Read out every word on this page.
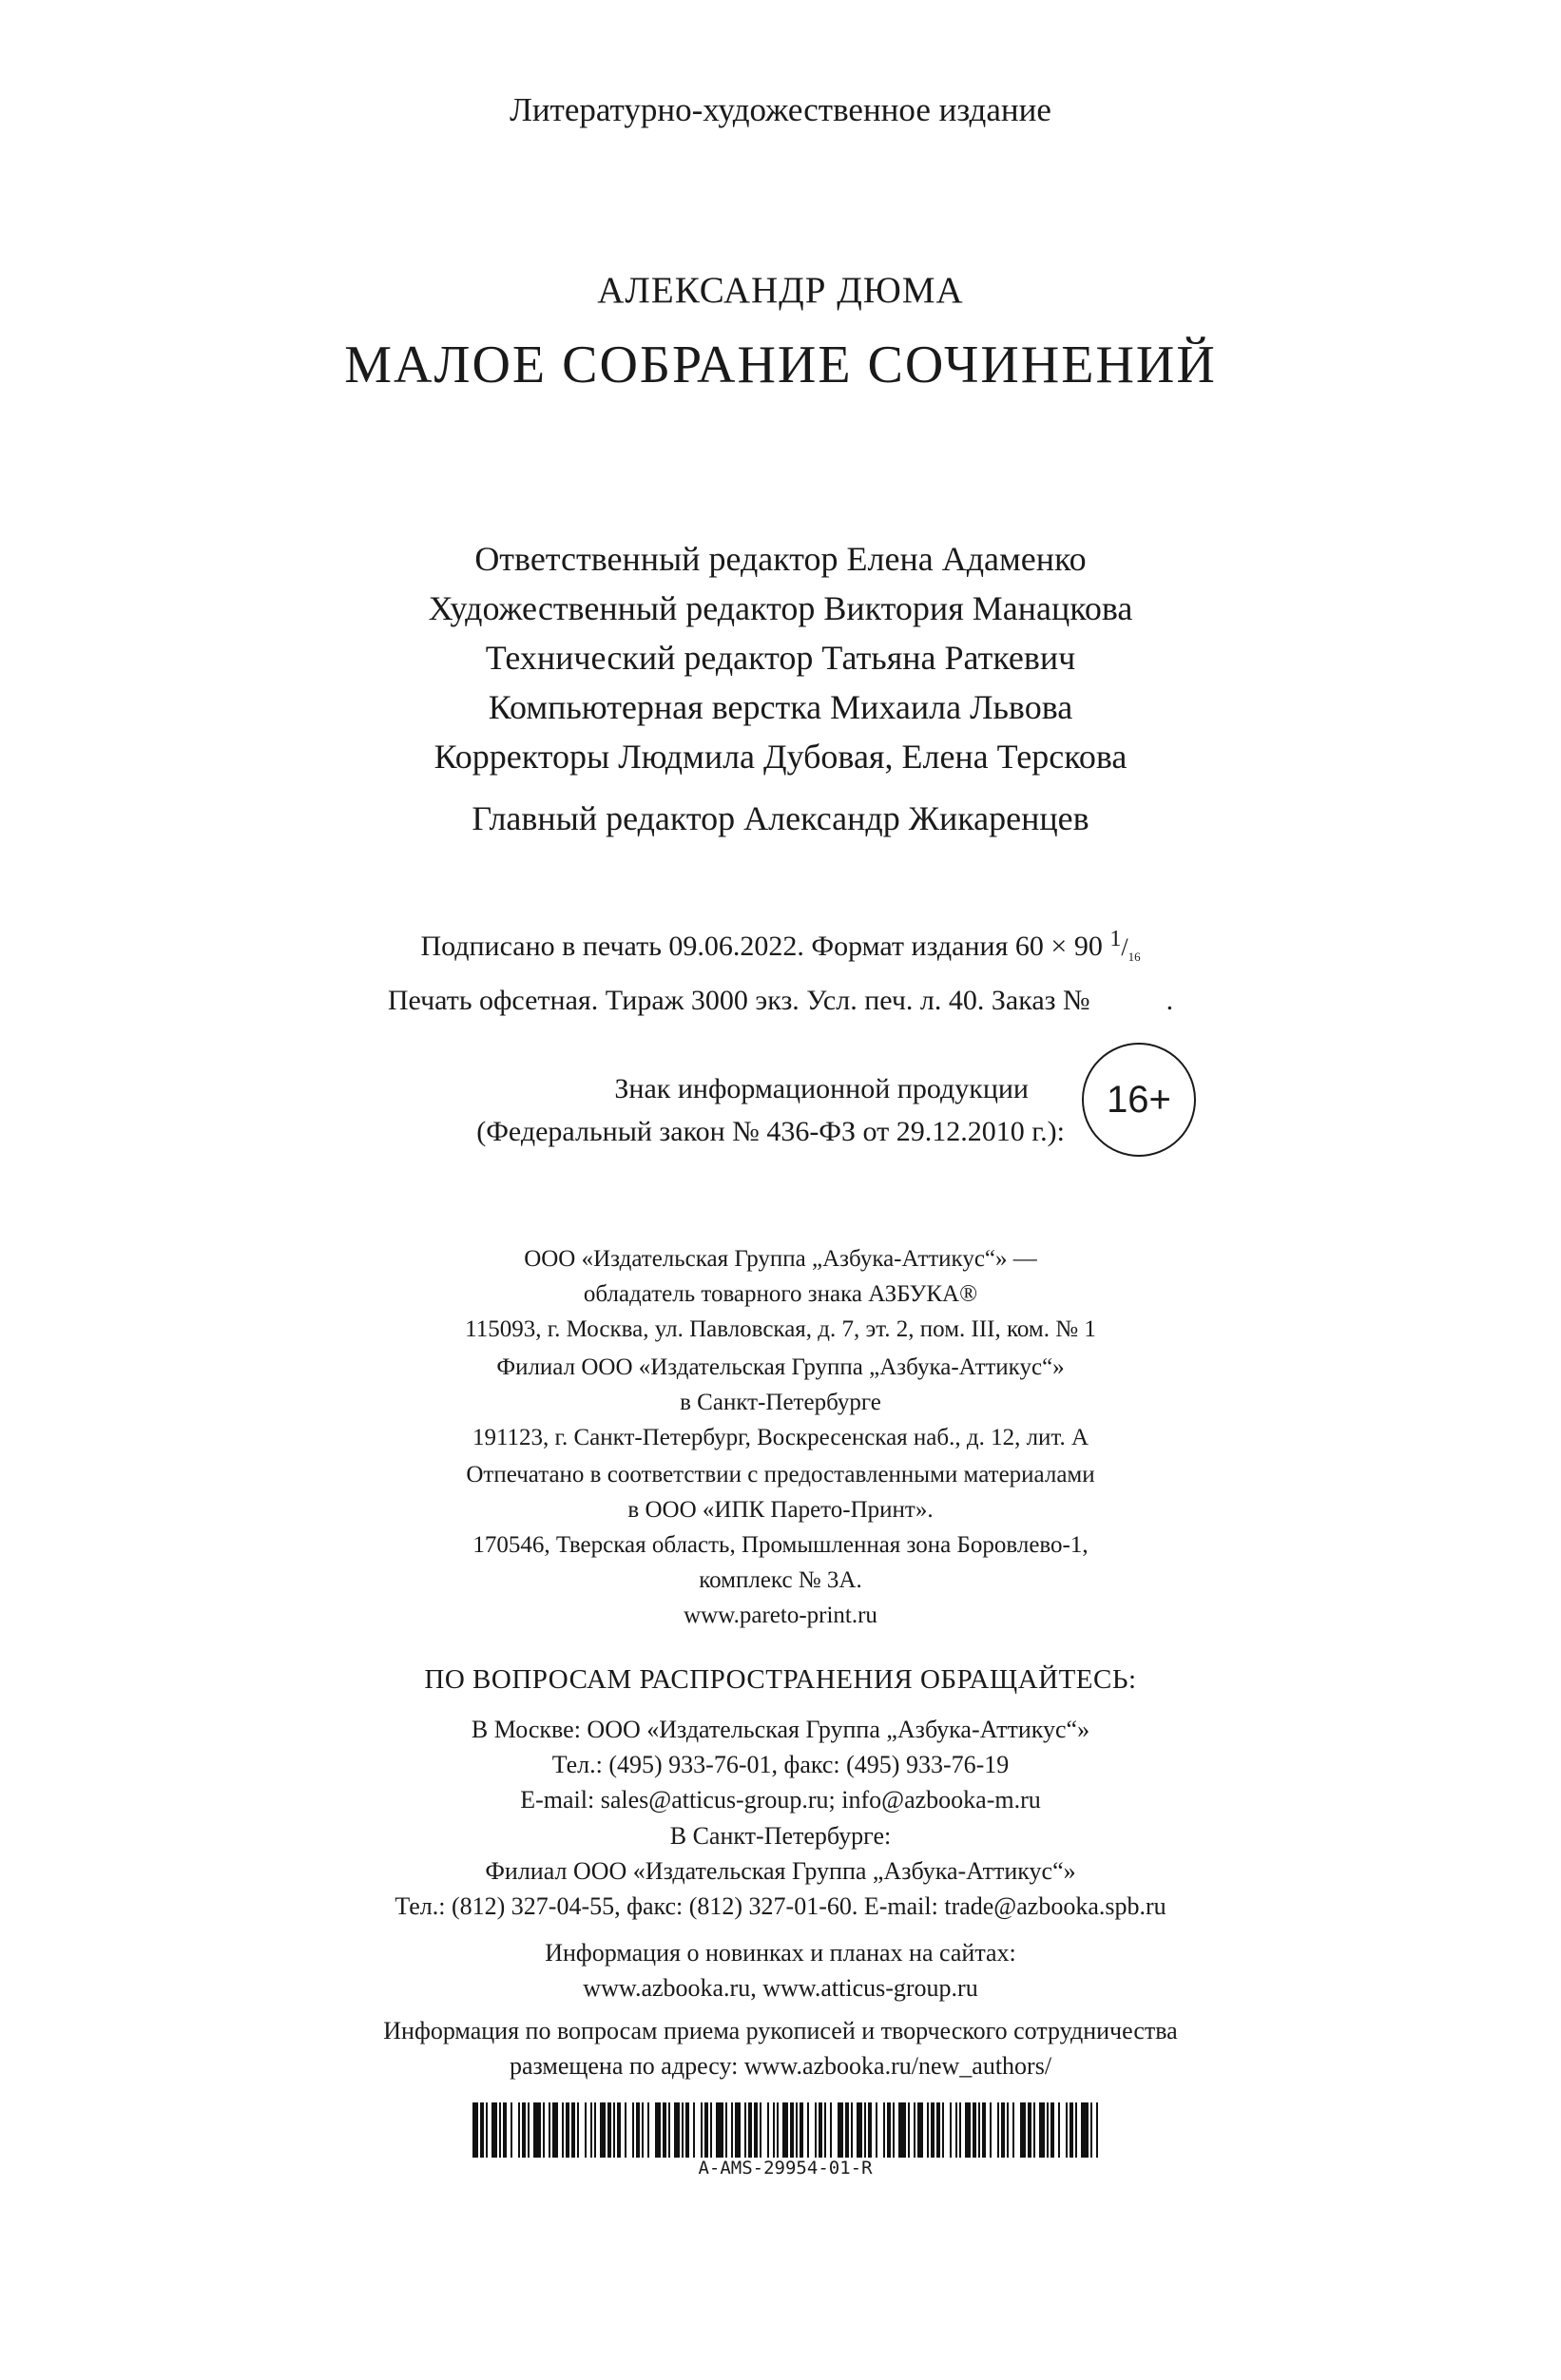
Литературно-художественное издание
АЛЕКСАНДР ДЮМА
МАЛОЕ СОБРАНИЕ СОЧИНЕНИЙ
Ответственный редактор Елена Адаменко
Художественный редактор Виктория Манацкова
Технический редактор Татьяна Раткевич
Компьютерная верстка Михаила Львова
Корректоры Людмила Дубовая, Елена Терскова
Главный редактор Александр Жикаренцев
Подписано в печать 09.06.2022. Формат издания 60 × 90 $^1/_{16}$
Печать офсетная. Тираж 3000 экз. Усл. печ. л. 40. Заказ №	.
Знак информационной продукции
(Федеральный закон № 436-ФЗ от 29.12.2010 г.):
16+
ООО «Издательская Группа „Азбука-Аттикус“» —
обладатель товарного знака АЗБУКА®
115093, г. Москва, ул. Павловская, д. 7, эт. 2, пом. III, ком. № 1
Филиал ООО «Издательская Группа „Азбука-Аттикус“»
в Санкт-Петербурге
191123, г. Санкт-Петербург, Воскресенская наб., д. 12, лит. А
Отпечатано в соответствии с предоставленными материалами
в ООО «ИПК Парето-Принт».
170546, Тверская область, Промышленная зона Боровлево-1,
комплекс № 3А.
www.pareto-print.ru
ПО ВОПРОСАМ РАСПРОСТРАНЕНИЯ ОБРАЩАЙТЕСЬ:
В Москве: ООО «Издательская Группа „Азбука-Аттикус“»
Тел.: (495) 933-76-01, факс: (495) 933-76-19
E-mail: sales@atticus-group.ru; info@azbooka-m.ru
В Санкт-Петербурге:
Филиал ООО «Издательская Группа „Азбука-Аттикус“»
Тел.: (812) 327-04-55, факс: (812) 327-01-60. E-mail: trade@azbooka.spb.ru
Информация о новинках и планах на сайтах:
www.azbooka.ru, www.atticus-group.ru
Информация по вопросам приема рукописей и творческого сотрудничества
размещена по адресу: www.azbooka.ru/new_authors/
A-AMS-29954-01-R
